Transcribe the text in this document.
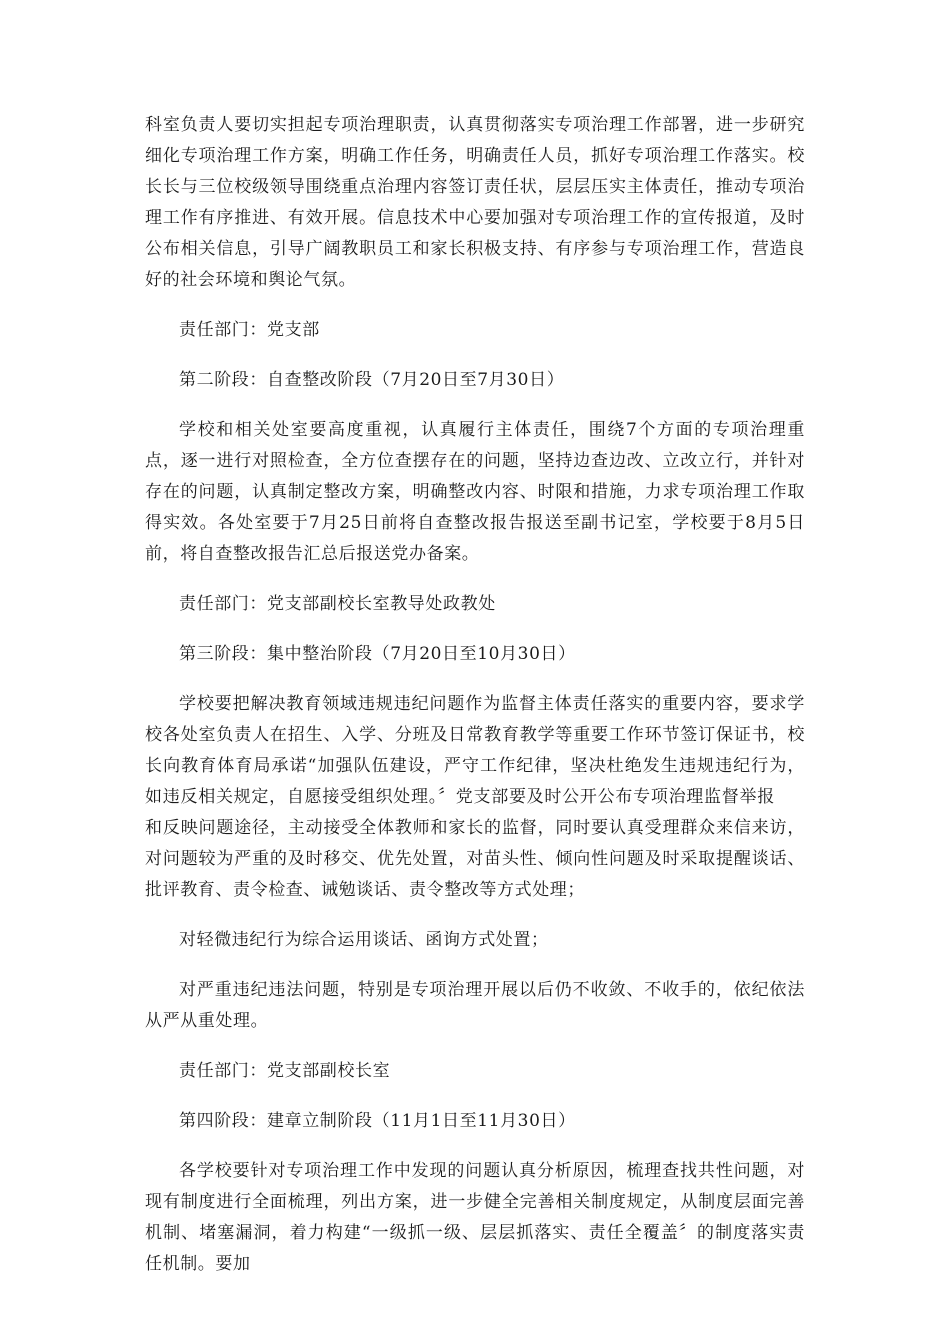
科室负责人要切实担起专项治理职责，认真贯彻落实专项治理工作部署，进一步研究细化专项治理工作方案，明确工作任务，明确责任人员，抓好专项治理工作落实。校长长与三位校级领导围绕重点治理内容签订责任状，层层压实主体责任，推动专项治理工作有序推进、有效开展。信息技术中心要加强对专项治理工作的宣传报道，及时公布相关信息，引导广阔教职员工和家长积极支持、有序参与专项治理工作，营造良好的社会环境和舆论气氛。

责任部门：党支部

第二阶段：自查整改阶段（7月20日至7月30日）

学校和相关处室要高度重视，认真履行主体责任，围绕7个方面的专项治理重点，逐一进行对照检查，全方位查摆存在的问题，坚持边查边改、立改立行，并针对存在的问题，认真制定整改方案，明确整改内容、时限和措施，力求专项治理工作取得实效。各处室要于7月25日前将自查整改报告报送至副书记室，学校要于8月5日前，将自查整改报告汇总后报送党办备案。

责任部门：党支部副校长室教导处政教处

第三阶段：集中整治阶段（7月20日至10月30日）

学校要把解决教育领域违规违纪问题作为监督主体责任落实的重要内容，要求学校各处室负责人在招生、入学、分班及日常教育教学等重要工作环节签订保证书，校长向教育体育局承诺“加强队伍建设，严守工作纪律，坚决杜绝发生违规违纪行为，如违反相关规定，自愿接受组织处理。〞党支部要及时公开公布专项治理监督举报和反映问题途径，主动接受全体教师和家长的监督，同时要认真受理群众来信来访，对问题较为严重的及时移交、优先处置，对苗头性、倾向性问题及时采取提醒谈话、批评教育、责令检查、诫勉谈话、责令整改等方式处理；

对轻微违纪行为综合运用谈话、函询方式处置；

对严重违纪违法问题，特别是专项治理开展以后仍不收敛、不收手的，依纪依法从严从重处理。

责任部门：党支部副校长室

第四阶段：建章立制阶段（11月1日至11月30日）

各学校要针对专项治理工作中发现的问题认真分析原因，梳理查找共性问题，对现有制度进行全面梳理，列出方案，进一步健全完善相关制度规定，从制度层面完善机制、堵塞漏洞，着力构建“一级抓一级、层层抓落实、责任全覆盖〞的制度落实责任机制。要加
